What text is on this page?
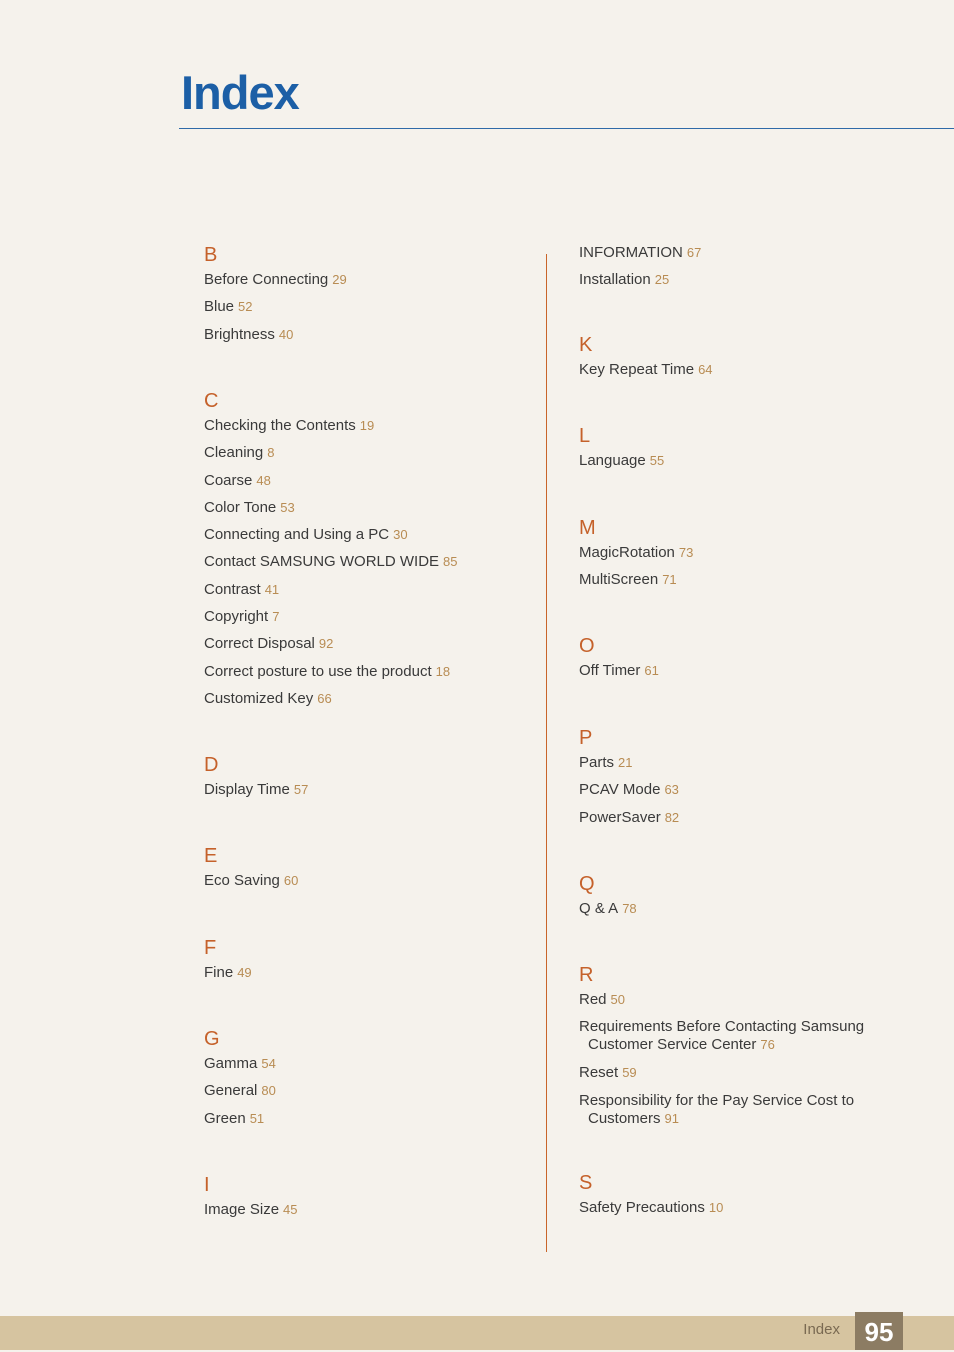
Index
B
Before Connecting 29
Blue 52
Brightness 40
C
Checking the Contents 19
Cleaning 8
Coarse 48
Color Tone 53
Connecting and Using a PC 30
Contact SAMSUNG WORLD WIDE 85
Contrast 41
Copyright 7
Correct Disposal 92
Correct posture to use the product 18
Customized Key 66
D
Display Time 57
E
Eco Saving 60
F
Fine 49
G
Gamma 54
General 80
Green 51
I
Image Size 45
INFORMATION 67
Installation 25
K
Key Repeat Time 64
L
Language 55
M
MagicRotation 73
MultiScreen 71
O
Off Timer 61
P
Parts 21
PCAV Mode 63
PowerSaver 82
Q
Q & A 78
R
Red 50
Requirements Before Contacting Samsung Customer Service Center 76
Reset 59
Responsibility for the Pay Service Cost to Customers 91
S
Safety Precautions 10
Index 95
